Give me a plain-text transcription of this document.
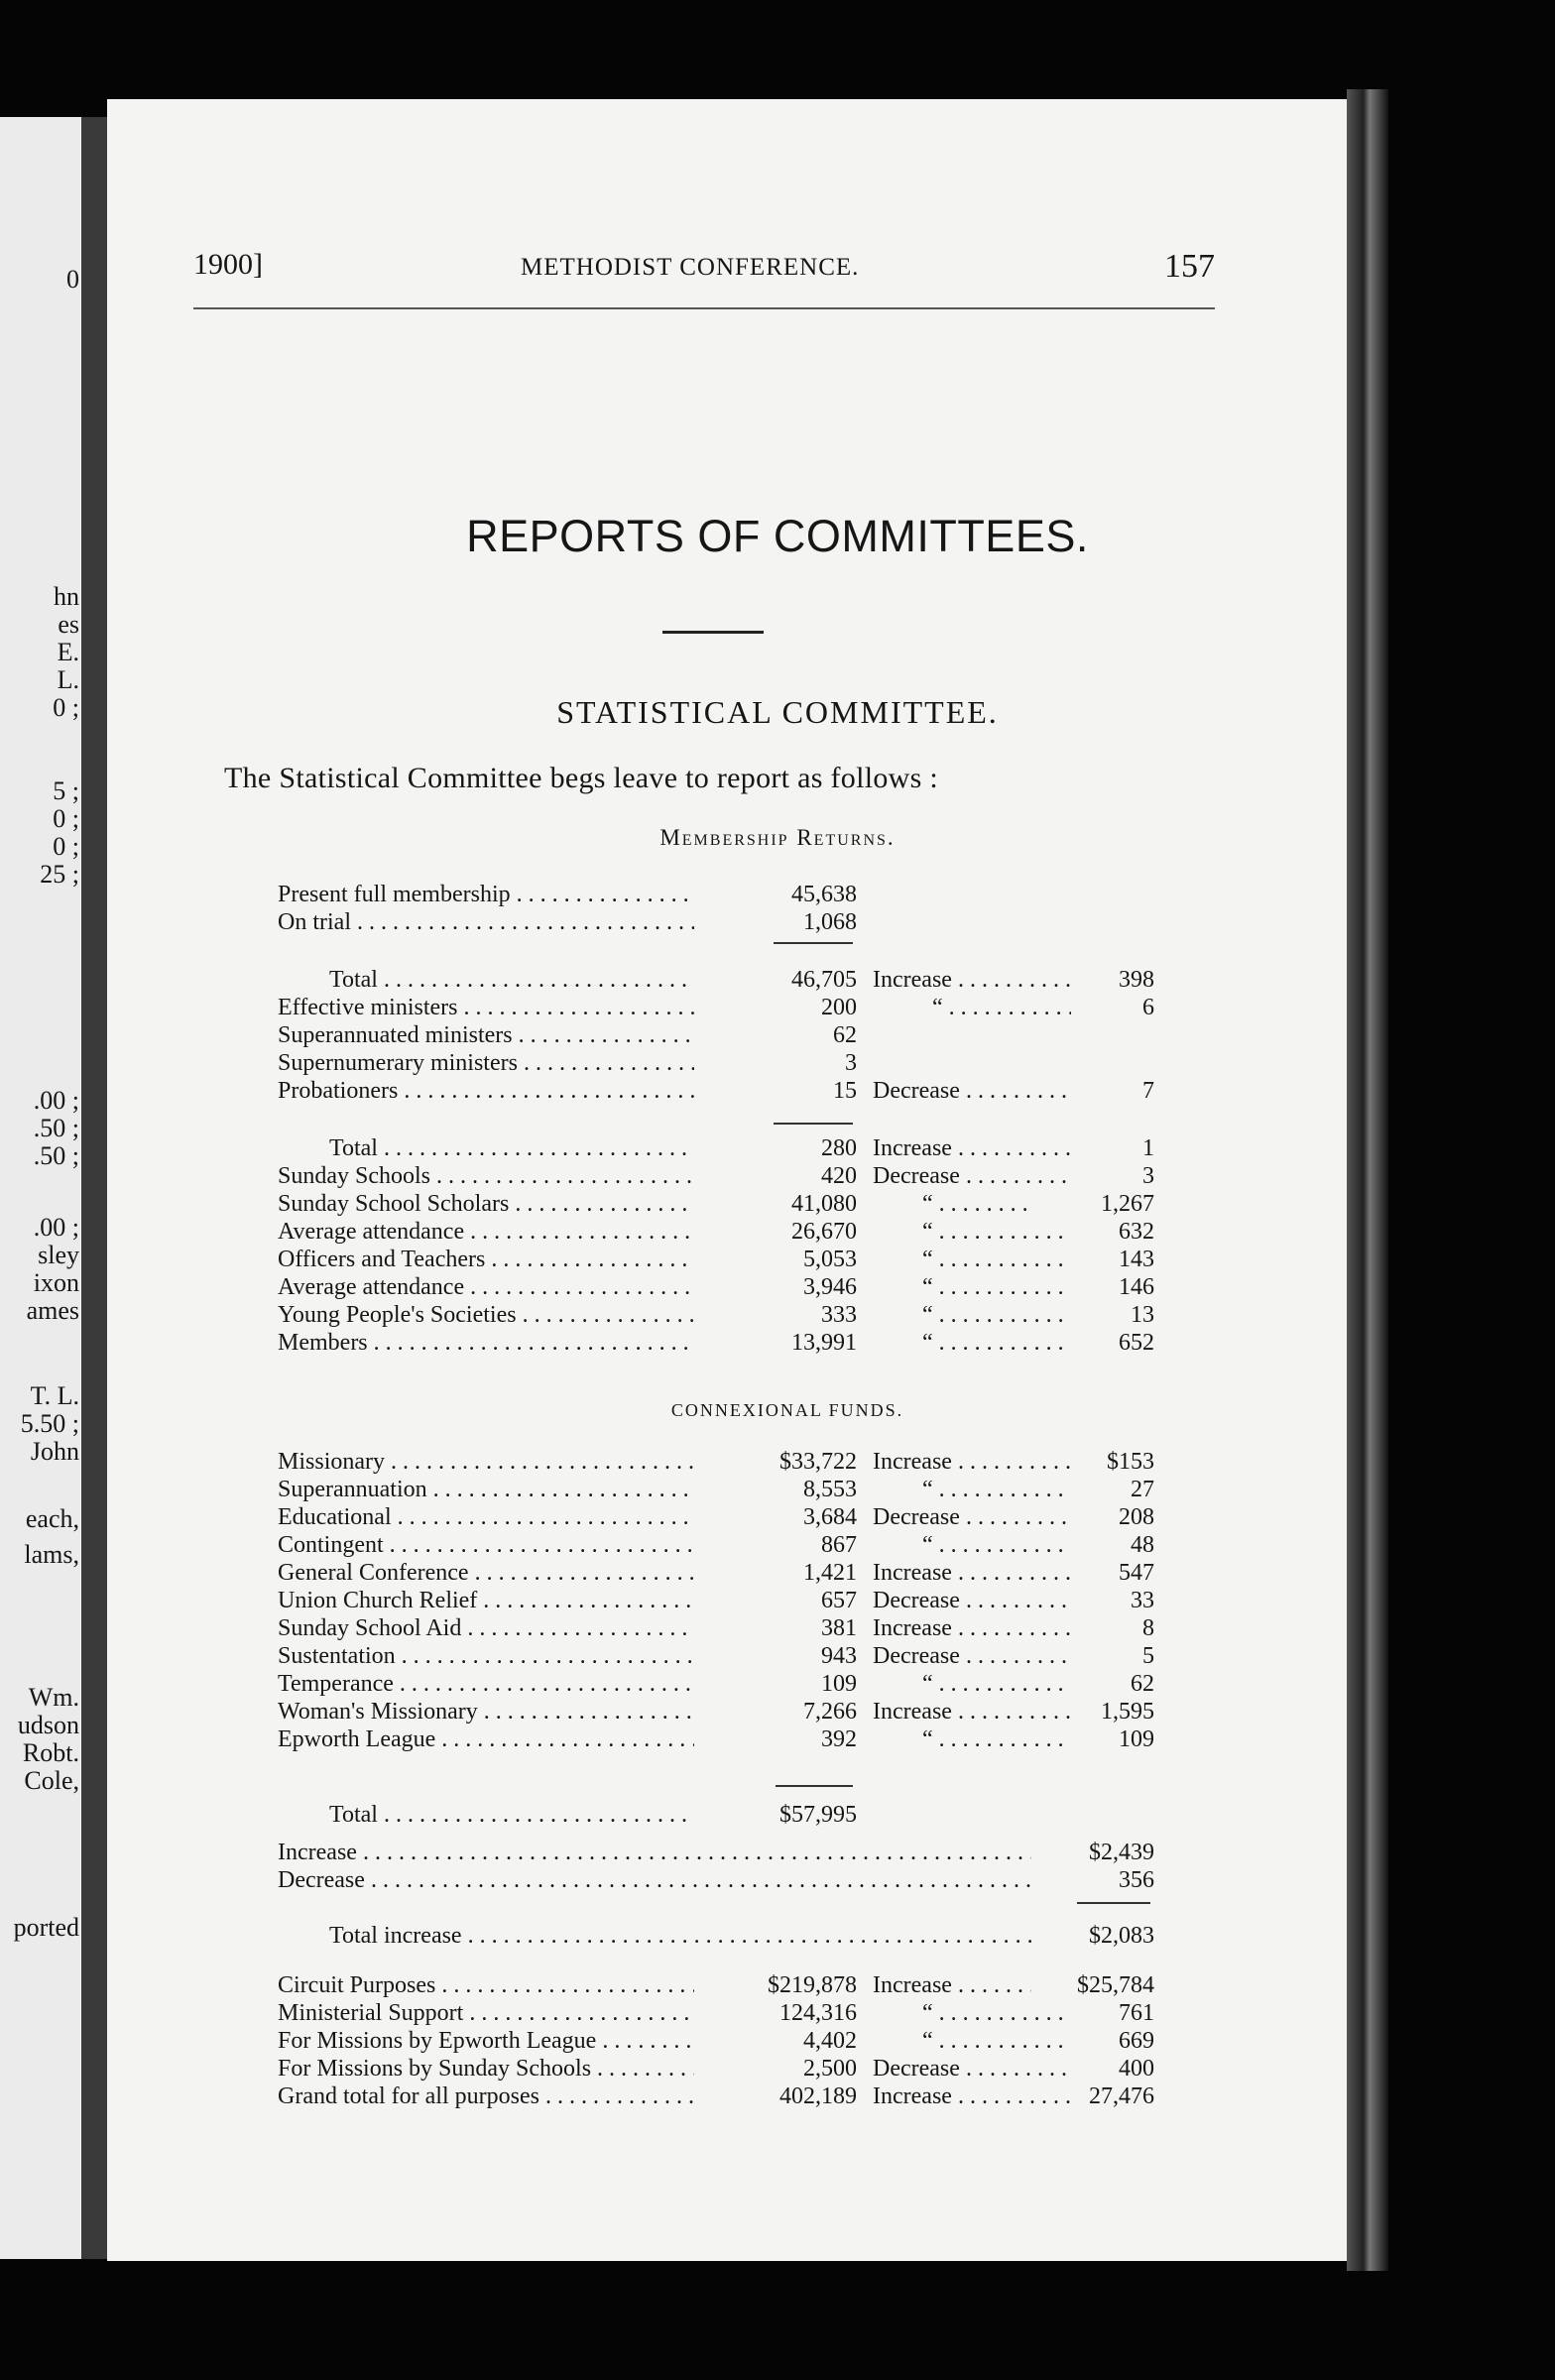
0
hn
es
E.
L.
0 ;
5 ;
0 ;
0 ;
25 ;
.00 ;
.50 ;
.50 ;
.00 ;
sley
ixon
ames
T. L.
5.50 ;
John
each,
lams,
Wm.
udson
Robt.
Cole,
ported
1900]	METHODIST CONFERENCE.	157
REPORTS OF COMMITTEES.
STATISTICAL COMMITTEE.
The Statistical Committee begs leave to report as follows :
Membership Returns.
Present full membership . . .	45,638
On trial . . .	1,068
Total . . .	46,705 Increase . . .	398
Effective ministers . . .	200	“ . . .	6
Superannuated ministers . . .	62
Supernumerary ministers . . .	3
Probationers . . .	15 Decrease . . .	7
Total . . .	280 Increase . . .	1
Sunday Schools . . .	420 Decrease . . .	3
Sunday School Scholars . . .	41,080	“ . . .	1,267
Average attendance . . .	26,670	“ . . .	632
Officers and Teachers . . .	5,053	“ . . .	143
Average attendance . . .	3,946	“ . . .	146
Young People's Societies . . .	333	“ . . .	13
Members . . .	13,991	“ . . .	652
CONNEXIONAL FUNDS.
Missionary . . .	$33,722 Increase . . .	$153
Superannuation . . .	8,553	“ . . .	27
Educational . . .	3,684 Decrease . . .	208
Contingent . . .	867	“ . . .	48
General Conference . . .	1,421 Increase . . .	547
Union Church Relief . . .	657 Decrease . . .	33
Sunday School Aid . . .	381 Increase . . .	8
Sustentation . . .	943 Decrease . . .	5
Temperance . . .	109	“ . . .	62
Woman's Missionary . . .	7,266 Increase . . .	1,595
Epworth League . . .	392	“ . . .	109
Total . . .	$57,995
Increase . . .	$2,439
Decrease . . .	356
Total increase . . .	$2,083
Circuit Purposes . . .	$219,878 Increase . . .	$25,784
Ministerial Support . . .	124,316	“ . . .	761
For Missions by Epworth League . . .	4,402	“ . . .	669
For Missions by Sunday Schools . . .	2,500 Decrease . . .	400
Grand total for all purposes . . .	402,189 Increase . . .	27,476
